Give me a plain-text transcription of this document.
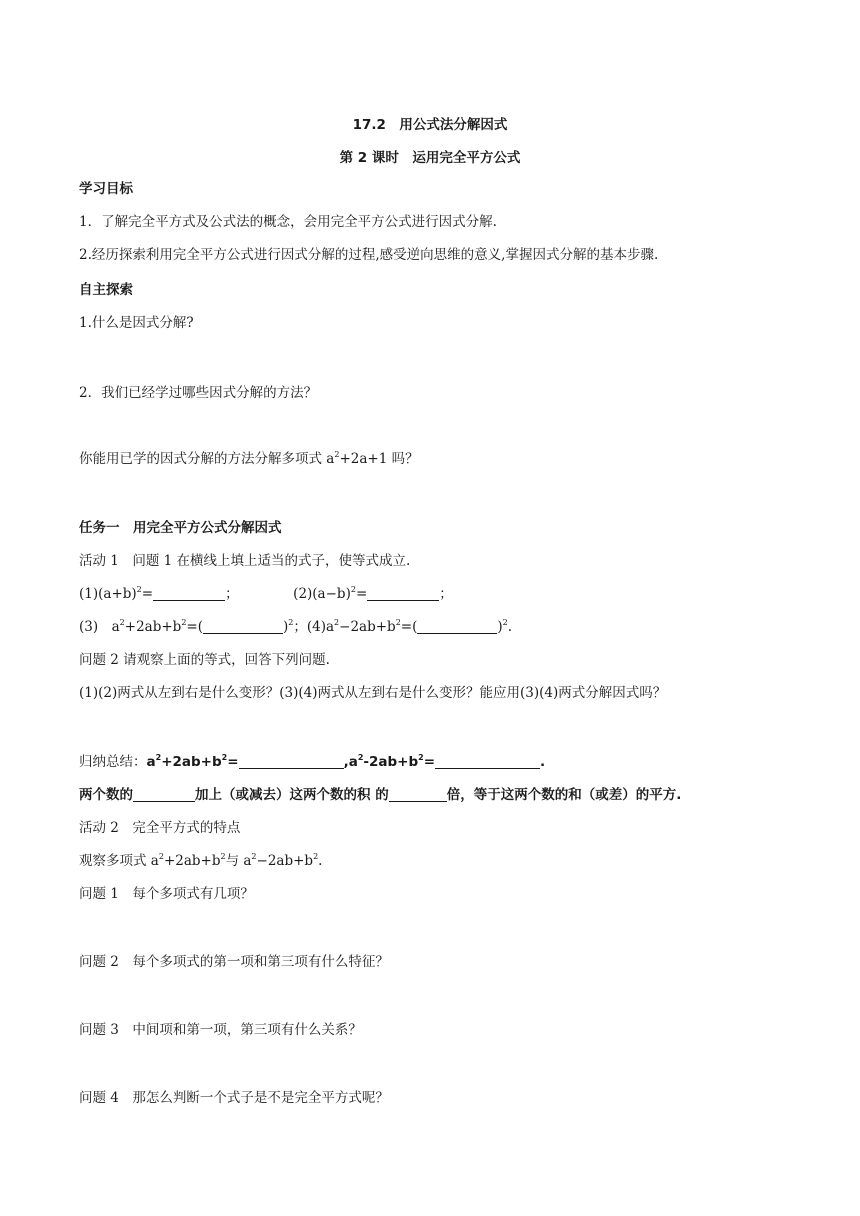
17.2　用公式法分解因式
第 2 课时　运用完全平方公式
学习目标
1．了解完全平方式及公式法的概念，会用完全平方公式进行因式分解.
2.经历探索利用完全平方公式进行因式分解的过程,感受逆向思维的意义,掌握因式分解的基本步骤.
自主探索
1.什么是因式分解?
2．我们已经学过哪些因式分解的方法？
你能用已学的因式分解的方法分解多项式 $a^2+2a+1$ 吗？
任务一　用完全平方公式分解因式
活动 1　问题 1 在横线上填上适当的式子，使等式成立.
$(1)(a+b)^2=$	；	$(2)(a-b)^2=$	；
(3)　$a^2+2ab+b^2=$(	)$^2$；$(4)a^2-2ab+b^2=$(	)$^2$.
问题 2 请观察上面的等式，回答下列问题.
(1)(2)两式从左到右是什么变形？(3)(4)两式从左到右是什么变形？能应用(3)(4)两式分解因式吗？
归纳总结：$a^2+2ab+b^2=$	$,a^2-2ab+b^2=$	.
两个数的	加上（或减去）这两个数的积 的	倍，等于这两个数的和（或差）的平方.
活动 2　完全平方式的特点
观察多项式 $a^2+2ab+b^2$与 $a^2-2ab+b^2$.
问题 1　每个多项式有几项？
问题 2　每个多项式的第一项和第三项有什么特征？
问题 3　中间项和第一项，第三项有什么关系？
问题 4　那怎么判断一个式子是不是完全平方式呢？
